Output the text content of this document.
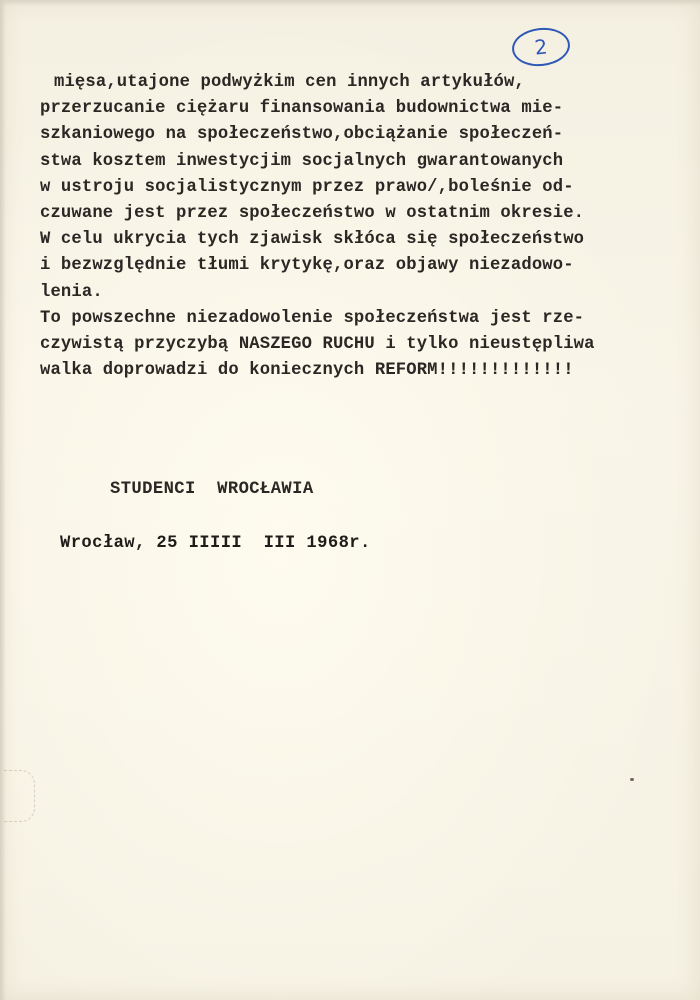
2

mięsa,utajone podwyżkim cen innych artykułów,
przerzucanie ciężaru finansowania budownictwa mie-
szkaniowego na społeczeństwo,obciążanie społeczeń-
stwa kosztem inwestycjim socjalnych gwarantowanych
w ustroju socjalistycznym przez prawo/,boleśnie od-
czuwane jest przez społeczeństwo w ostatnim okresie.
W celu ukrycia tych zjawisk skłóca się społeczeństwo
i bezwzględnie tłumi krytykę,oraz objawy niezadowo-
lenia.
To powszechne niezadowolenie społeczeństwa jest rze-
czywistą przyczybą NASZEGO RUCHU i tylko nieustępliwa
walka doprowadzi do koniecznych REFORM!!!!!!!!!!!!!

STUDENCI  WROCŁAWIA
Wrocław, 25 IIIII  III 1968r.
